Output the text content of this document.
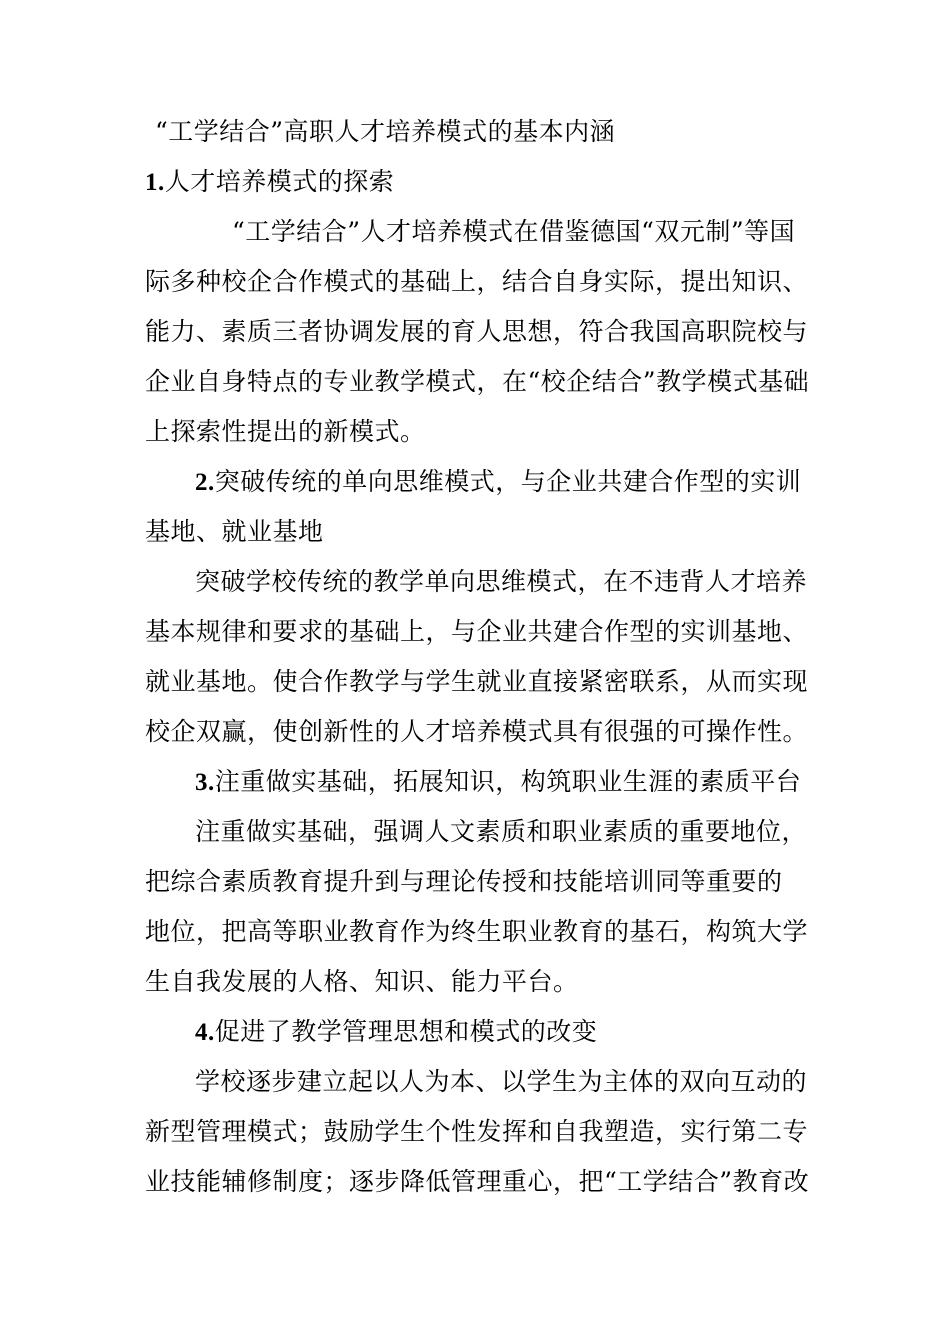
“工学结合”高职人才培养模式的基本内涵
1.人才培养模式的探索
“工学结合”人才培养模式在借鉴德国“双元制”等国
际多种校企合作模式的基础上，结合自身实际，提出知识、
能力、素质三者协调发展的育人思想，符合我国高职院校与
企业自身特点的专业教学模式，在“校企结合”教学模式基础
上探索性提出的新模式。
2.突破传统的单向思维模式，与企业共建合作型的实训
基地、就业基地
突破学校传统的教学单向思维模式，在不违背人才培养
基本规律和要求的基础上，与企业共建合作型的实训基地、
就业基地。使合作教学与学生就业直接紧密联系，从而实现
校企双赢，使创新性的人才培养模式具有很强的可操作性。
3.注重做实基础，拓展知识，构筑职业生涯的素质平台
注重做实基础，强调人文素质和职业素质的重要地位，
把综合素质教育提升到与理论传授和技能培训同等重要的
地位，把高等职业教育作为终生职业教育的基石，构筑大学
生自我发展的人格、知识、能力平台。
4.促进了教学管理思想和模式的改变
学校逐步建立起以人为本、以学生为主体的双向互动的
新型管理模式；鼓励学生个性发挥和自我塑造，实行第二专
业技能辅修制度；逐步降低管理重心，把“工学结合”教育改
